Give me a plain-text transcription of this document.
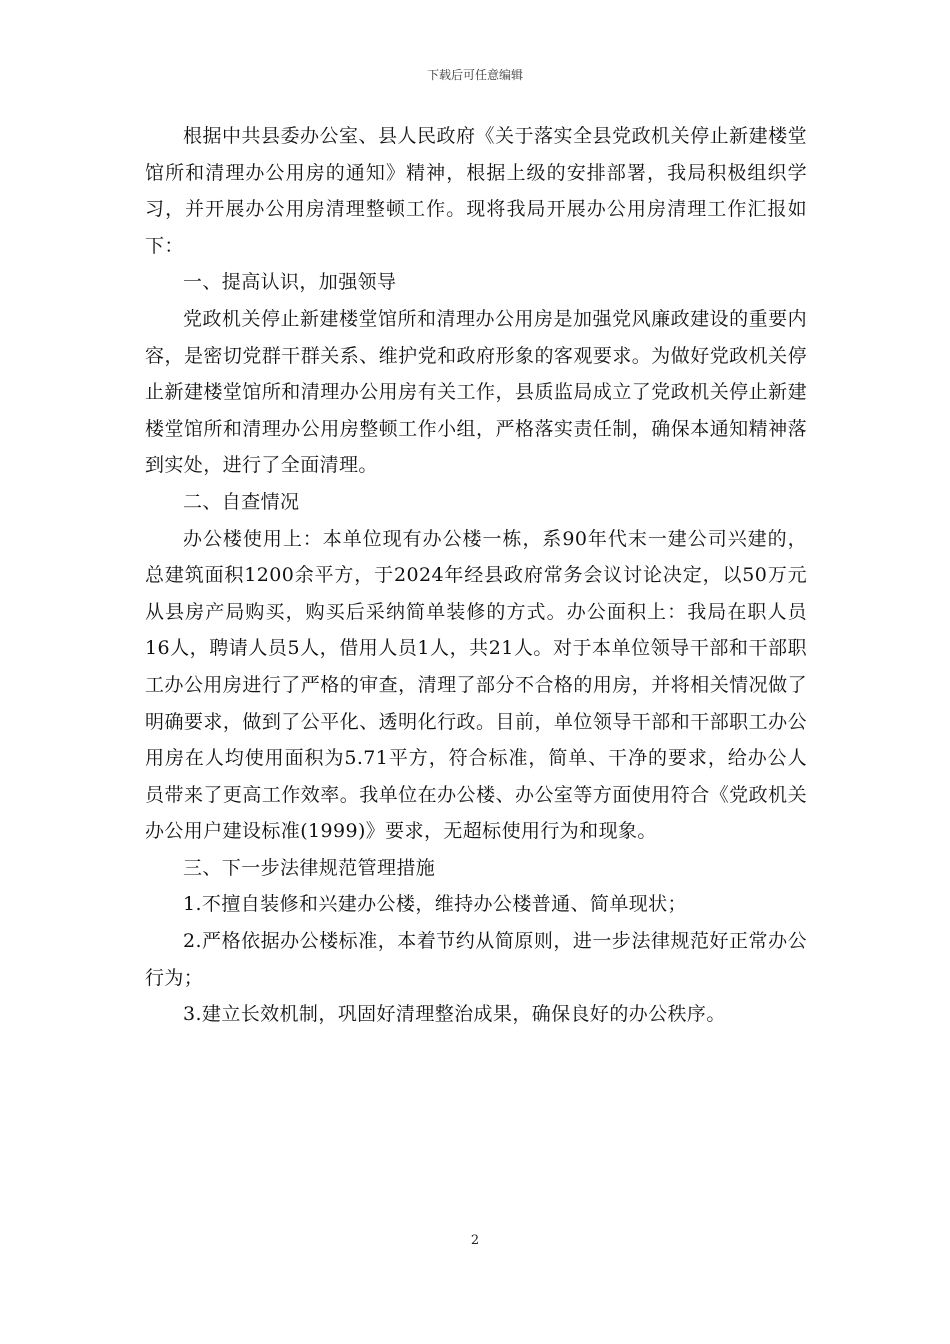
下载后可任意编辑

根据中共县委办公室、县人民政府《关于落实全县党政机关停止新建楼堂馆所和清理办公用房的通知》精神，根据上级的安排部署，我局积极组织学习，并开展办公用房清理整顿工作。现将我局开展办公用房清理工作汇报如下：

一、提高认识，加强领导

党政机关停止新建楼堂馆所和清理办公用房是加强党风廉政建设的重要内容，是密切党群干群关系、维护党和政府形象的客观要求。为做好党政机关停止新建楼堂馆所和清理办公用房有关工作，县质监局成立了党政机关停止新建楼堂馆所和清理办公用房整顿工作小组，严格落实责任制，确保本通知精神落到实处，进行了全面清理。

二、自查情况

办公楼使用上：本单位现有办公楼一栋，系90年代末一建公司兴建的，总建筑面积1200余平方，于2024年经县政府常务会议讨论决定，以50万元从县房产局购买，购买后采纳简单装修的方式。办公面积上：我局在职人员16人，聘请人员5人，借用人员1人，共21人。对于本单位领导干部和干部职工办公用房进行了严格的审查，清理了部分不合格的用房，并将相关情况做了明确要求，做到了公平化、透明化行政。目前，单位领导干部和干部职工办公用房在人均使用面积为5.71平方，符合标准，简单、干净的要求，给办公人员带来了更高工作效率。我单位在办公楼、办公室等方面使用符合《党政机关办公用户建设标准(1999)》要求，无超标使用行为和现象。

三、下一步法律规范管理措施

1.不擅自装修和兴建办公楼，维持办公楼普通、简单现状；

2.严格依据办公楼标准，本着节约从简原则，进一步法律规范好正常办公行为；

3.建立长效机制，巩固好清理整治成果，确保良好的办公秩序。

2
